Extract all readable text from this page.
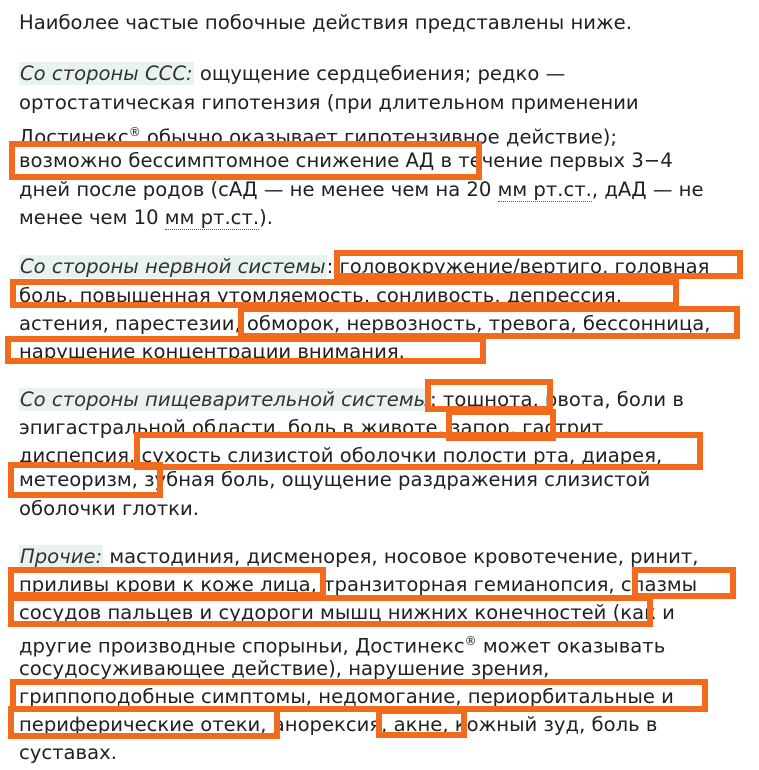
Наиболее частые побочные действия представлены ниже.
Со стороны ССС: ощущение сердцебиения; редко —
ортостатическая гипотензия (при длительном применении
Достинекс® обычно оказывает гипотензивное действие);
возможно бессимптомное снижение АД в течение первых 3−4
дней после родов (сАД — не менее чем на 20 мм рт.ст., дАД — не
менее чем 10 мм рт.ст.).
Со стороны нервной системы: головокружение/вертиго, головная
боль, повышенная утомляемость, сонливость, депрессия,
астения, парестезии, обморок, нервозность, тревога, бессонница,
нарушение концентрации внимания.
Со стороны пищеварительной системы: тошнота, рвота, боли в
эпигастральной области, боль в животе, запор, гастрит,
диспепсия, сухость слизистой оболочки полости рта, диарея,
метеоризм, зубная боль, ощущение раздражения слизистой
оболочки глотки.
Прочие: мастодиния, дисменорея, носовое кровотечение, ринит,
приливы крови к коже лица, транзиторная гемианопсия, спазмы
сосудов пальцев и судороги мышц нижних конечностей (как и
другие производные спорыньи, Достинекс® может оказывать
сосудосуживающее действие), нарушение зрения,
гриппоподобные симптомы, недомогание, периорбитальные и
периферические отеки, анорексия, акне, кожный зуд, боль в
суставах.
